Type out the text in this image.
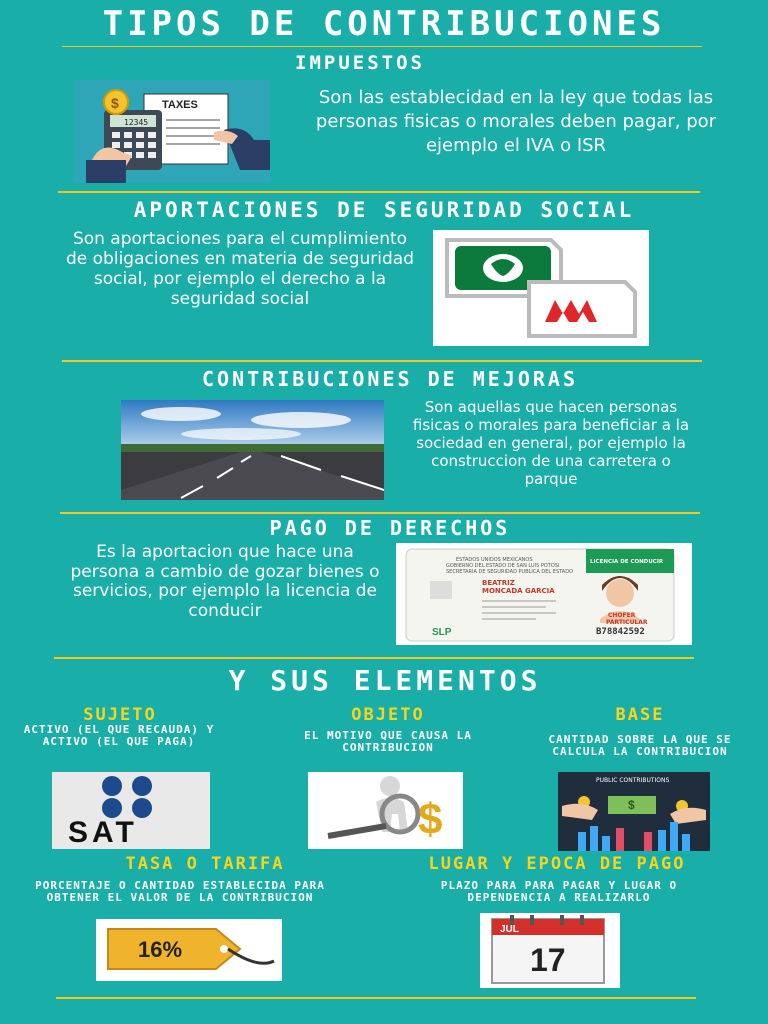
TIPOS DE CONTRIBUCIONES
IMPUESTOS
TAXES
12345
$	Son las establecidad en la ley que todas las personas fisicas o morales deben pagar, por ejemplo el IVA o ISR
APORTACIONES DE SEGURIDAD SOCIAL
Son aportaciones para el cumplimiento de obligaciones en materia de seguridad social, por ejemplo el derecho a la seguridad social
CONTRIBUCIONES DE MEJORAS
Son aquellas que hacen personas fisicas o morales para beneficiar a la sociedad en general, por ejemplo la construccion de una carretera o parque
PAGO DE DERECHOS
Es la aportacion que hace una persona a cambio de gozar bienes o servicios, por ejemplo la licencia de conducir
ESTADOS UNIDOS MEXICANOS
GOBIERNO DEL ESTADO DE SAN LUIS POTOSI
SECRETARIA DE SEGURIDAD PUBLICA DEL ESTADO
LICENCIA DE CONDUCIR
BEATRIZ
MONCADA GARCIA
CHOFER
PARTICULAR
B78842592
SLP
Y SUS ELEMENTOS
SUJETO
ACTIVO (EL QUE RECAUDA) Y ACTIVO (EL QUE PAGA)
SAT
OBJETO
EL MOTIVO QUE CAUSA LA CONTRIBUCION
$
BASE
CANTIDAD SOBRE LA QUE SE CALCULA LA CONTRIBUCION
PUBLIC CONTRIBUTIONS
$
TASA O TARIFA
PORCENTAJE O CANTIDAD ESTABLECIDA PARA OBTENER EL VALOR DE LA CONTRIBUCION
16%
LUGAR Y EPOCA DE PAGO
PLAZO PARA PARA PAGAR Y LUGAR O DEPENDENCIA A REALIZARLO
JUL
17
